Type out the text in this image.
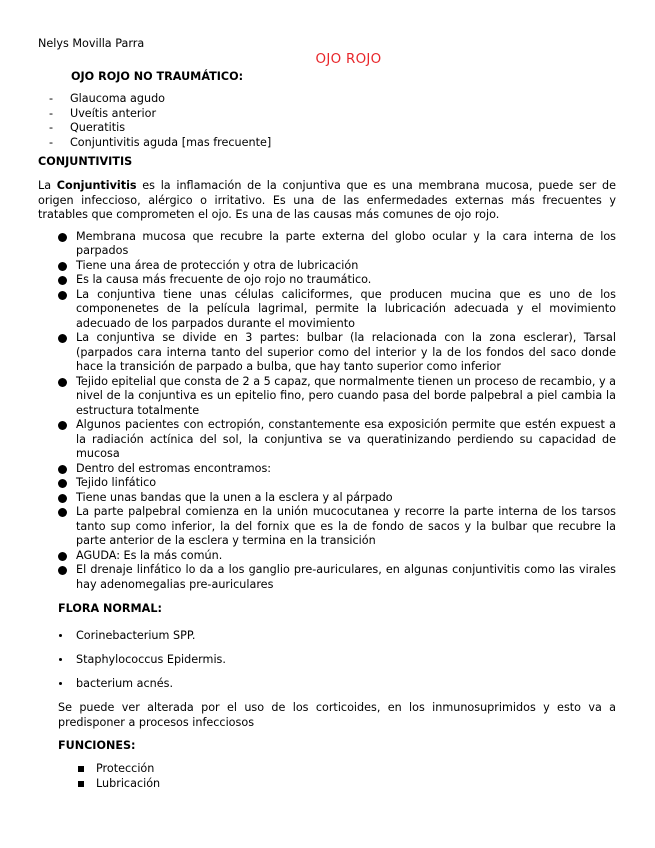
Nelys Movilla Parra

OJO ROJO

OJO ROJO NO TRAUMÁTICO:
- Glaucoma agudo
- Uveítis anterior
- Queratitis
- Conjuntivitis aguda [mas frecuente]
CONJUNTIVITIS

La Conjuntivitis es la inflamación de la conjuntiva que es una membrana mucosa, puede ser de origen infeccioso, alérgico o irritativo. Es una de las enfermedades externas más frecuentes y tratables que comprometen el ojo. Es una de las causas más comunes de ojo rojo.

Membrana mucosa que recubre la parte externa del globo ocular y la cara interna de los parpados
Tiene una área de protección y otra de lubricación
Es la causa más frecuente de ojo rojo no traumático.
La conjuntiva tiene unas células caliciformes, que producen mucina que es uno de los componenetes de la película lagrimal, permite la lubricación adecuada y el movimiento adecuado de los parpados durante el movimiento
La conjuntiva se divide en 3 partes: bulbar (la relacionada con la zona esclerar), Tarsal (parpados cara interna tanto del superior como del interior y la de los fondos del saco donde hace la transición de parpado a bulba, que hay tanto superior como inferior
Tejido epitelial que consta de 2 a 5 capaz, que normalmente tienen un proceso de recambio, y a nivel de la conjuntiva es un epitelio fino, pero cuando pasa del borde palpebral a piel cambia la estructura totalmente
Algunos pacientes con ectropión, constantemente esa exposición permite que estén expuest a la radiación actínica del sol, la conjuntiva se va queratinizando perdiendo su capacidad de mucosa
Dentro del estromas encontramos:
Tejido linfático
Tiene unas bandas que la unen a la esclera y al párpado
La parte palpebral comienza en la unión mucocutanea y recorre la parte interna de los tarsos tanto sup como inferior, la del fornix que es la de fondo de sacos y la bulbar que recubre la parte anterior de la esclera y termina en la transición
AGUDA: Es la más común.
El drenaje linfático lo da a los ganglio pre-auriculares, en algunas conjuntivitis como las virales hay adenomegalias pre-auriculares
FLORA NORMAL:
Corinebacterium SPP.
Staphylococcus Epidermis.
bacterium acnés.

Se puede ver alterada por el uso de los corticoides, en los inmunosuprimidos y esto va a predisponer a procesos infecciosos

FUNCIONES:
Protección
Lubricación
